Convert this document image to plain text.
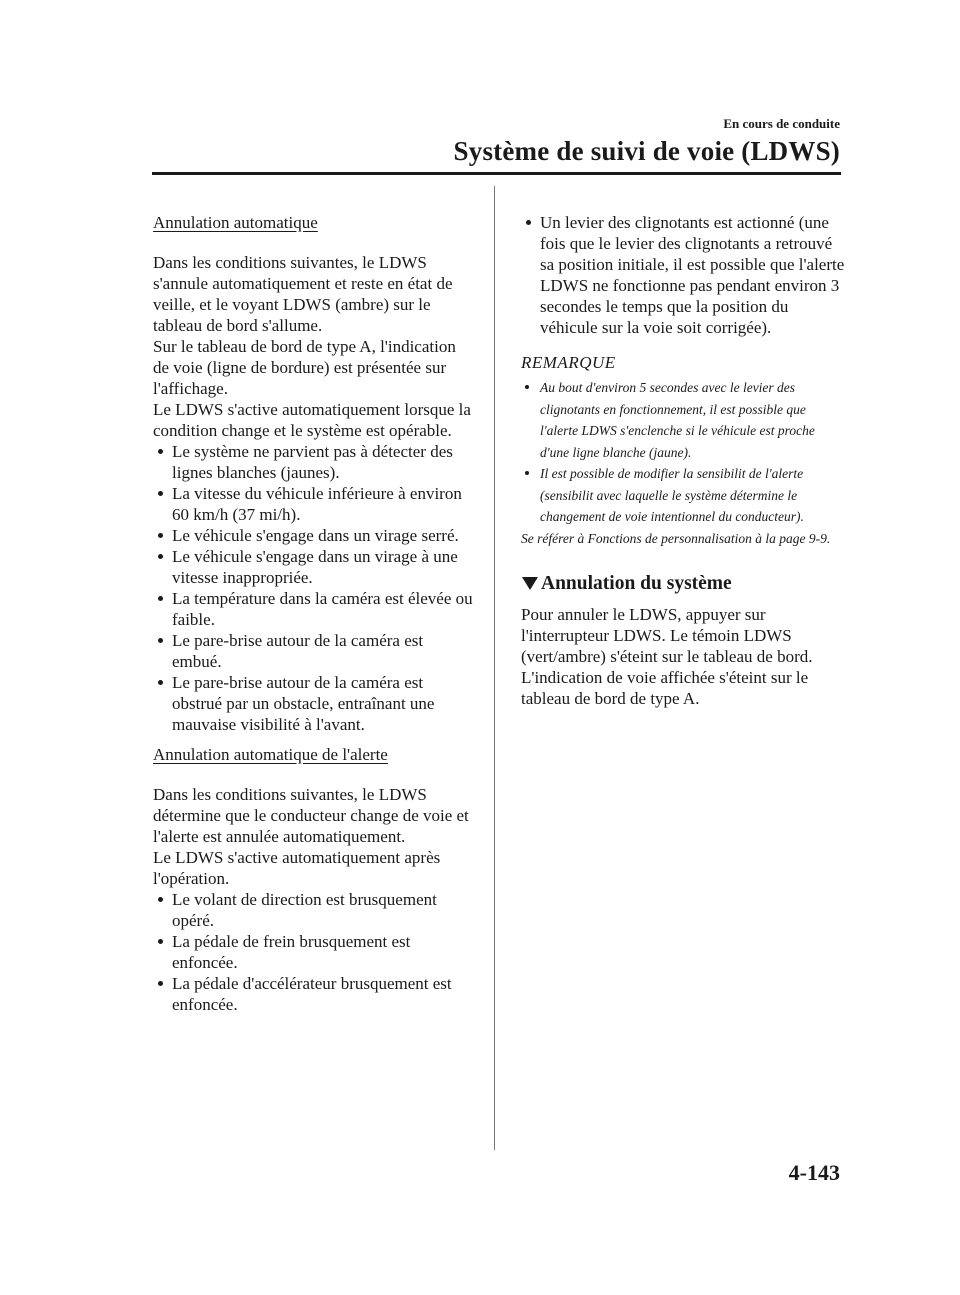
En cours de conduite
Système de suivi de voie (LDWS)
Annulation automatique

Dans les conditions suivantes, le LDWS s'annule automatiquement et reste en état de veille, et le voyant LDWS (ambre) sur le tableau de bord s'allume.

Sur le tableau de bord de type A, l'indication de voie (ligne de bordure) est présentée sur l'affichage.

Le LDWS s'active automatiquement lorsque la condition change et le système est opérable.

Le système ne parvient pas à détecter des lignes blanches (jaunes).
La vitesse du véhicule inférieure à environ 60 km/h (37 mi/h).
Le véhicule s'engage dans un virage serré.
Le véhicule s'engage dans un virage à une vitesse inappropriée.
La température dans la caméra est élevée ou faible.
Le pare-brise autour de la caméra est embué.
Le pare-brise autour de la caméra est obstrué par un obstacle, entraînant une mauvaise visibilité à l'avant.
Annulation automatique de l'alerte

Dans les conditions suivantes, le LDWS détermine que le conducteur change de voie et l'alerte est annulée automatiquement.

Le LDWS s'active automatiquement après l'opération.

Le volant de direction est brusquement opéré.
La pédale de frein brusquement est enfoncée.
La pédale d'accélérateur brusquement est enfoncée.
Un levier des clignotants est actionné (une fois que le levier des clignotants a retrouvé sa position initiale, il est possible que l'alerte LDWS ne fonctionne pas pendant environ 3 secondes le temps que la position du véhicule sur la voie soit corrigée).
REMARQUE
Au bout d'environ 5 secondes avec le levier des clignotants en fonctionnement, il est possible que l'alerte LDWS s'enclenche si le véhicule est proche d'une ligne blanche (jaune).
Il est possible de modifier la sensibilit de l'alerte (sensibilit avec laquelle le système détermine le changement de voie intentionnel du conducteur).
Se référer à Fonctions de personnalisation à la page 9-9.
Annulation du système

Pour annuler le LDWS, appuyer sur l'interrupteur LDWS. Le témoin LDWS (vert/ambre) s'éteint sur le tableau de bord.

L'indication de voie affichée s'éteint sur le tableau de bord de type A.

4-143
